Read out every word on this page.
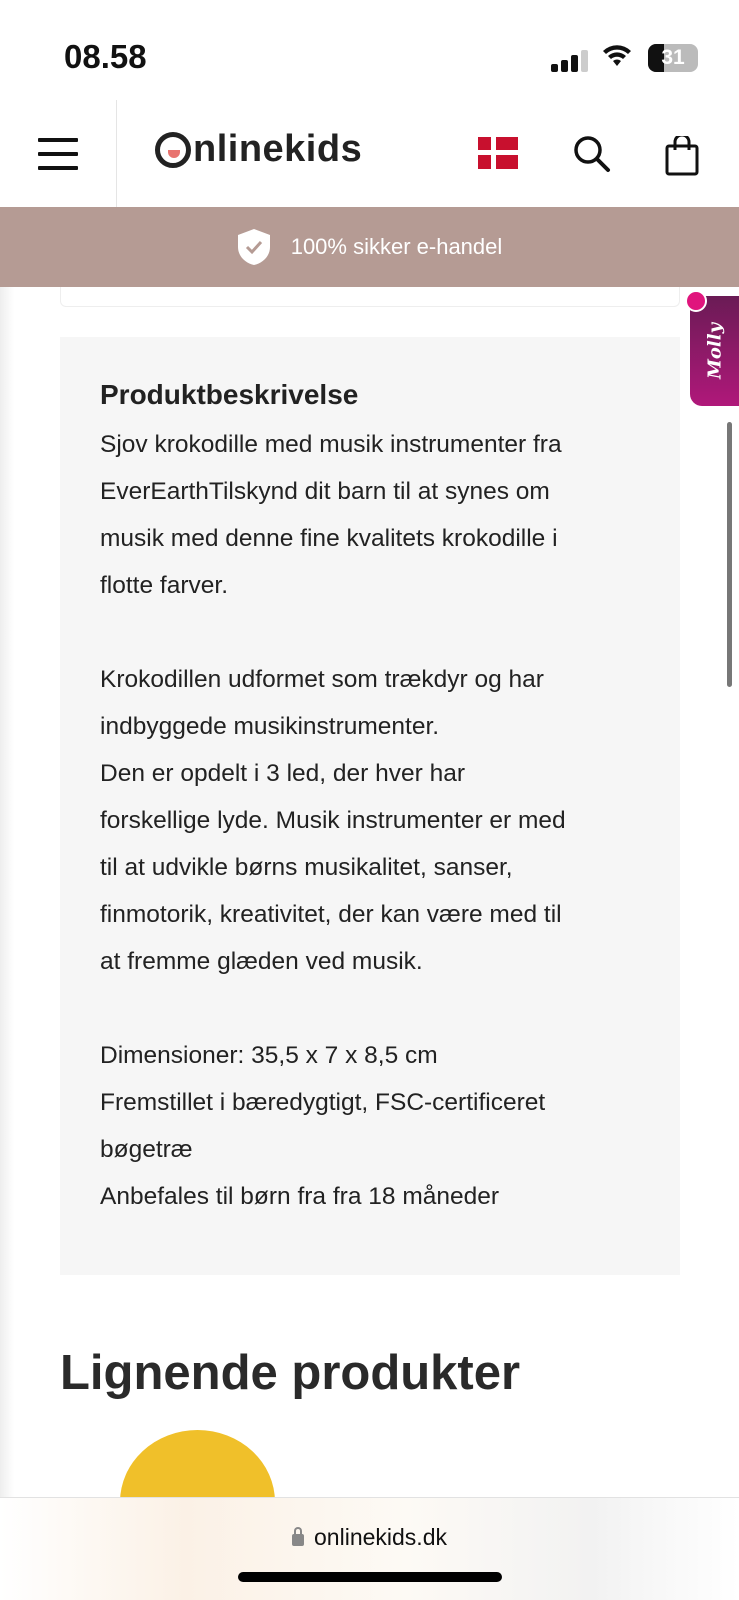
08.58	31
nlinekids
100% sikker e-handel
Produktbeskrivelse
Sjov krokodille med musik instrumenter fra
EverEarthTilskynd dit barn til at synes om
musik med denne fine kvalitets krokodille i
flotte farver.
Krokodillen udformet som trækdyr og har
indbyggede musikinstrumenter.
Den er opdelt i 3 led, der hver har
forskellige lyde. Musik instrumenter er med
til at udvikle børns musikalitet, sanser,
finmotorik, kreativitet, der kan være med til
at fremme glæden ved musik.
Dimensioner: 35,5 x 7 x 8,5 cm
Fremstillet i bæredygtigt, FSC-certificeret
bøgetræ
Anbefales til børn fra fra 18 måneder
Molly
Lignende produkter
onlinekids.dk
